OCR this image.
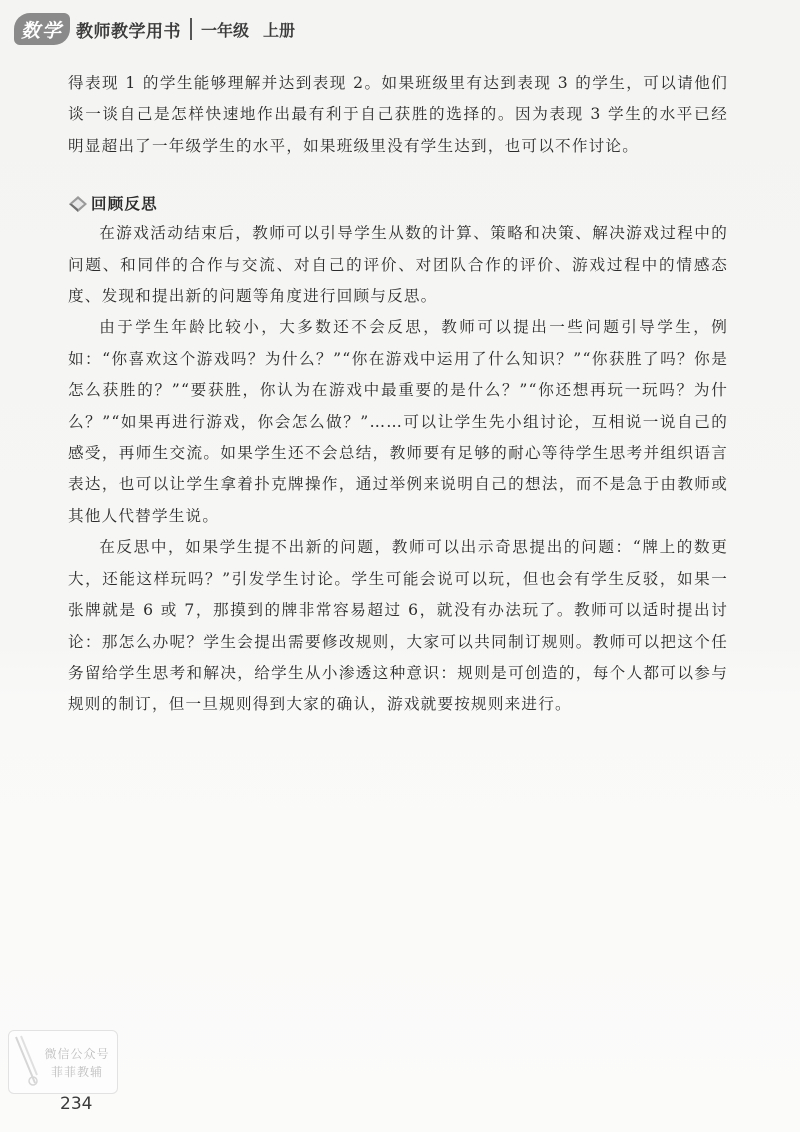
数学 教师教学用书 一年级 上册

得表现 1 的学生能够理解并达到表现 2。如果班级里有达到表现 3 的学生，可以请他们谈一谈自己是怎样快速地作出最有利于自己获胜的选择的。因为表现 3 学生的水平已经明显超出了一年级学生的水平，如果班级里没有学生达到，也可以不作讨论。

回顾反思

在游戏活动结束后，教师可以引导学生从数的计算、策略和决策、解决游戏过程中的问题、和同伴的合作与交流、对自己的评价、对团队合作的评价、游戏过程中的情感态度、发现和提出新的问题等角度进行回顾与反思。

由于学生年龄比较小，大多数还不会反思，教师可以提出一些问题引导学生，例如：“你喜欢这个游戏吗？为什么？”“你在游戏中运用了什么知识？”“你获胜了吗？你是怎么获胜的？”“要获胜，你认为在游戏中最重要的是什么？”“你还想再玩一玩吗？为什么？”“如果再进行游戏，你会怎么做？”……可以让学生先小组讨论，互相说一说自己的感受，再师生交流。如果学生还不会总结，教师要有足够的耐心等待学生思考并组织语言表达，也可以让学生拿着扑克牌操作，通过举例来说明自己的想法，而不是急于由教师或其他人代替学生说。

在反思中，如果学生提不出新的问题，教师可以出示奇思提出的问题：“牌上的数更大，还能这样玩吗？”引发学生讨论。学生可能会说可以玩，但也会有学生反驳，如果一张牌就是 6 或 7，那摸到的牌非常容易超过 6，就没有办法玩了。教师可以适时提出讨论：那怎么办呢？学生会提出需要修改规则，大家可以共同制订规则。教师可以把这个任务留给学生思考和解决，给学生从小渗透这种意识：规则是可创造的，每个人都可以参与规则的制订，但一旦规则得到大家的确认，游戏就要按规则来进行。

微信公众号
菲菲教辅
234
